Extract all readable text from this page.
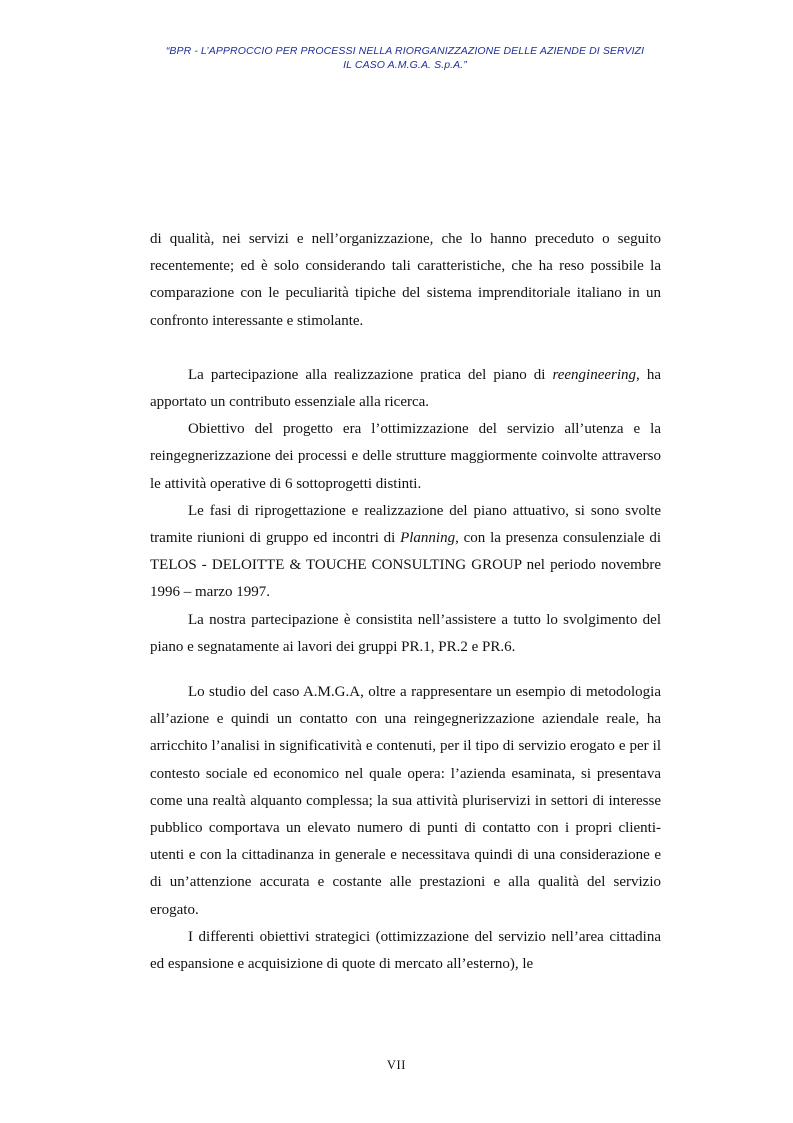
“BPR - L’APPROCCIO PER PROCESSI NELLA RIORGANIZZAZIONE DELLE AZIENDE DI SERVIZI
IL CASO A.M.G.A. S.p.A.”

di qualità, nei servizi e nell’organizzazione, che lo hanno preceduto o seguito recentemente; ed è solo considerando tali caratteristiche, che ha reso possibile la comparazione con le peculiarità tipiche del sistema imprenditoriale italiano in un confronto interessante e stimolante.

La partecipazione alla realizzazione pratica del piano di reengineering, ha apportato un contributo essenziale alla ricerca.

Obiettivo del progetto era l’ottimizzazione del servizio all’utenza e la reingegnerizzazione dei processi e delle strutture maggiormente coinvolte attraverso le attività operative di 6 sottoprogetti distinti.

Le fasi di riprogettazione e realizzazione del piano attuativo, si sono svolte tramite riunioni di gruppo ed incontri di Planning, con la presenza consulenziale di TELOS - DELOITTE & TOUCHE CONSULTING GROUP nel periodo novembre 1996 – marzo 1997.

La nostra partecipazione è consistita nell’assistere a tutto lo svolgimento del piano e segnatamente ai lavori dei gruppi PR.1, PR.2 e PR.6.

Lo studio del caso A.M.G.A, oltre a rappresentare un esempio di metodologia all’azione e quindi un contatto con una reingegnerizzazione aziendale reale, ha arricchito l’analisi in significatività e contenuti, per il tipo di servizio erogato e per il contesto sociale ed economico nel quale opera: l’azienda esaminata, si presentava come una realtà alquanto complessa; la sua attività pluriservizi in settori di interesse pubblico comportava un elevato numero di punti di contatto con i propri clienti-utenti e con la cittadinanza in generale e necessitava quindi di una considerazione e di un’attenzione accurata e costante alle prestazioni e alla qualità del servizio erogato.

I differenti obiettivi strategici (ottimizzazione del servizio nell’area cittadina ed espansione e acquisizione di quote di mercato all’esterno), le

VII
